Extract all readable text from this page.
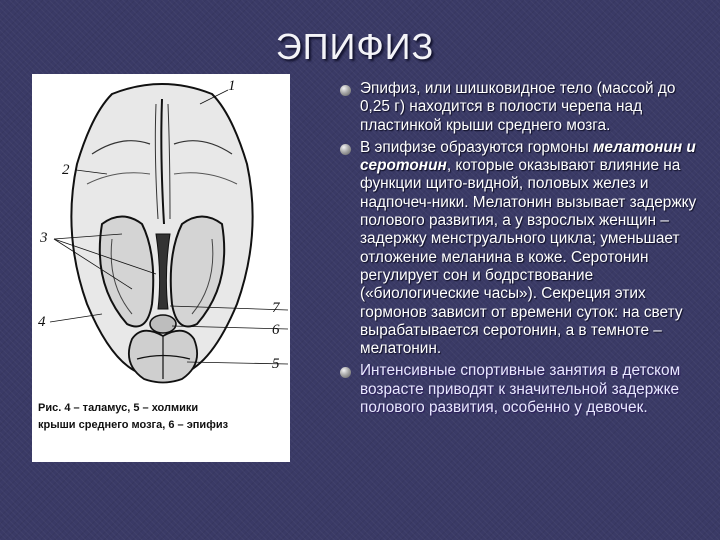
ЭПИФИЗ
1
2
3
4
5
6
7
Рис. 4 – таламус, 5 – холмики
крыши среднего мозга, 6 – эпифиз
Эпифиз, или шишковидное тело (массой до 0,25 г) находится в полости черепа над пластинкой крыши среднего мозга.
В эпифизе образуются гормоны мелатонин и серотонин, которые оказывают влияние на функции щито-видной, половых желез и надпочеч-ники. Мелатонин вызывает задержку полового развития, а у взрослых женщин – задержку менструального цикла; уменьшает отложение меланина в коже. Серотонин регулирует сон и бодрствование («биологические часы»). Секреция этих гормонов зависит от времени суток: на свету вырабатывается серотонин, а в темноте – мелатонин.
Интенсивные спортивные занятия в детском возрасте приводят к значительной задержке полового развития, особенно у девочек.
